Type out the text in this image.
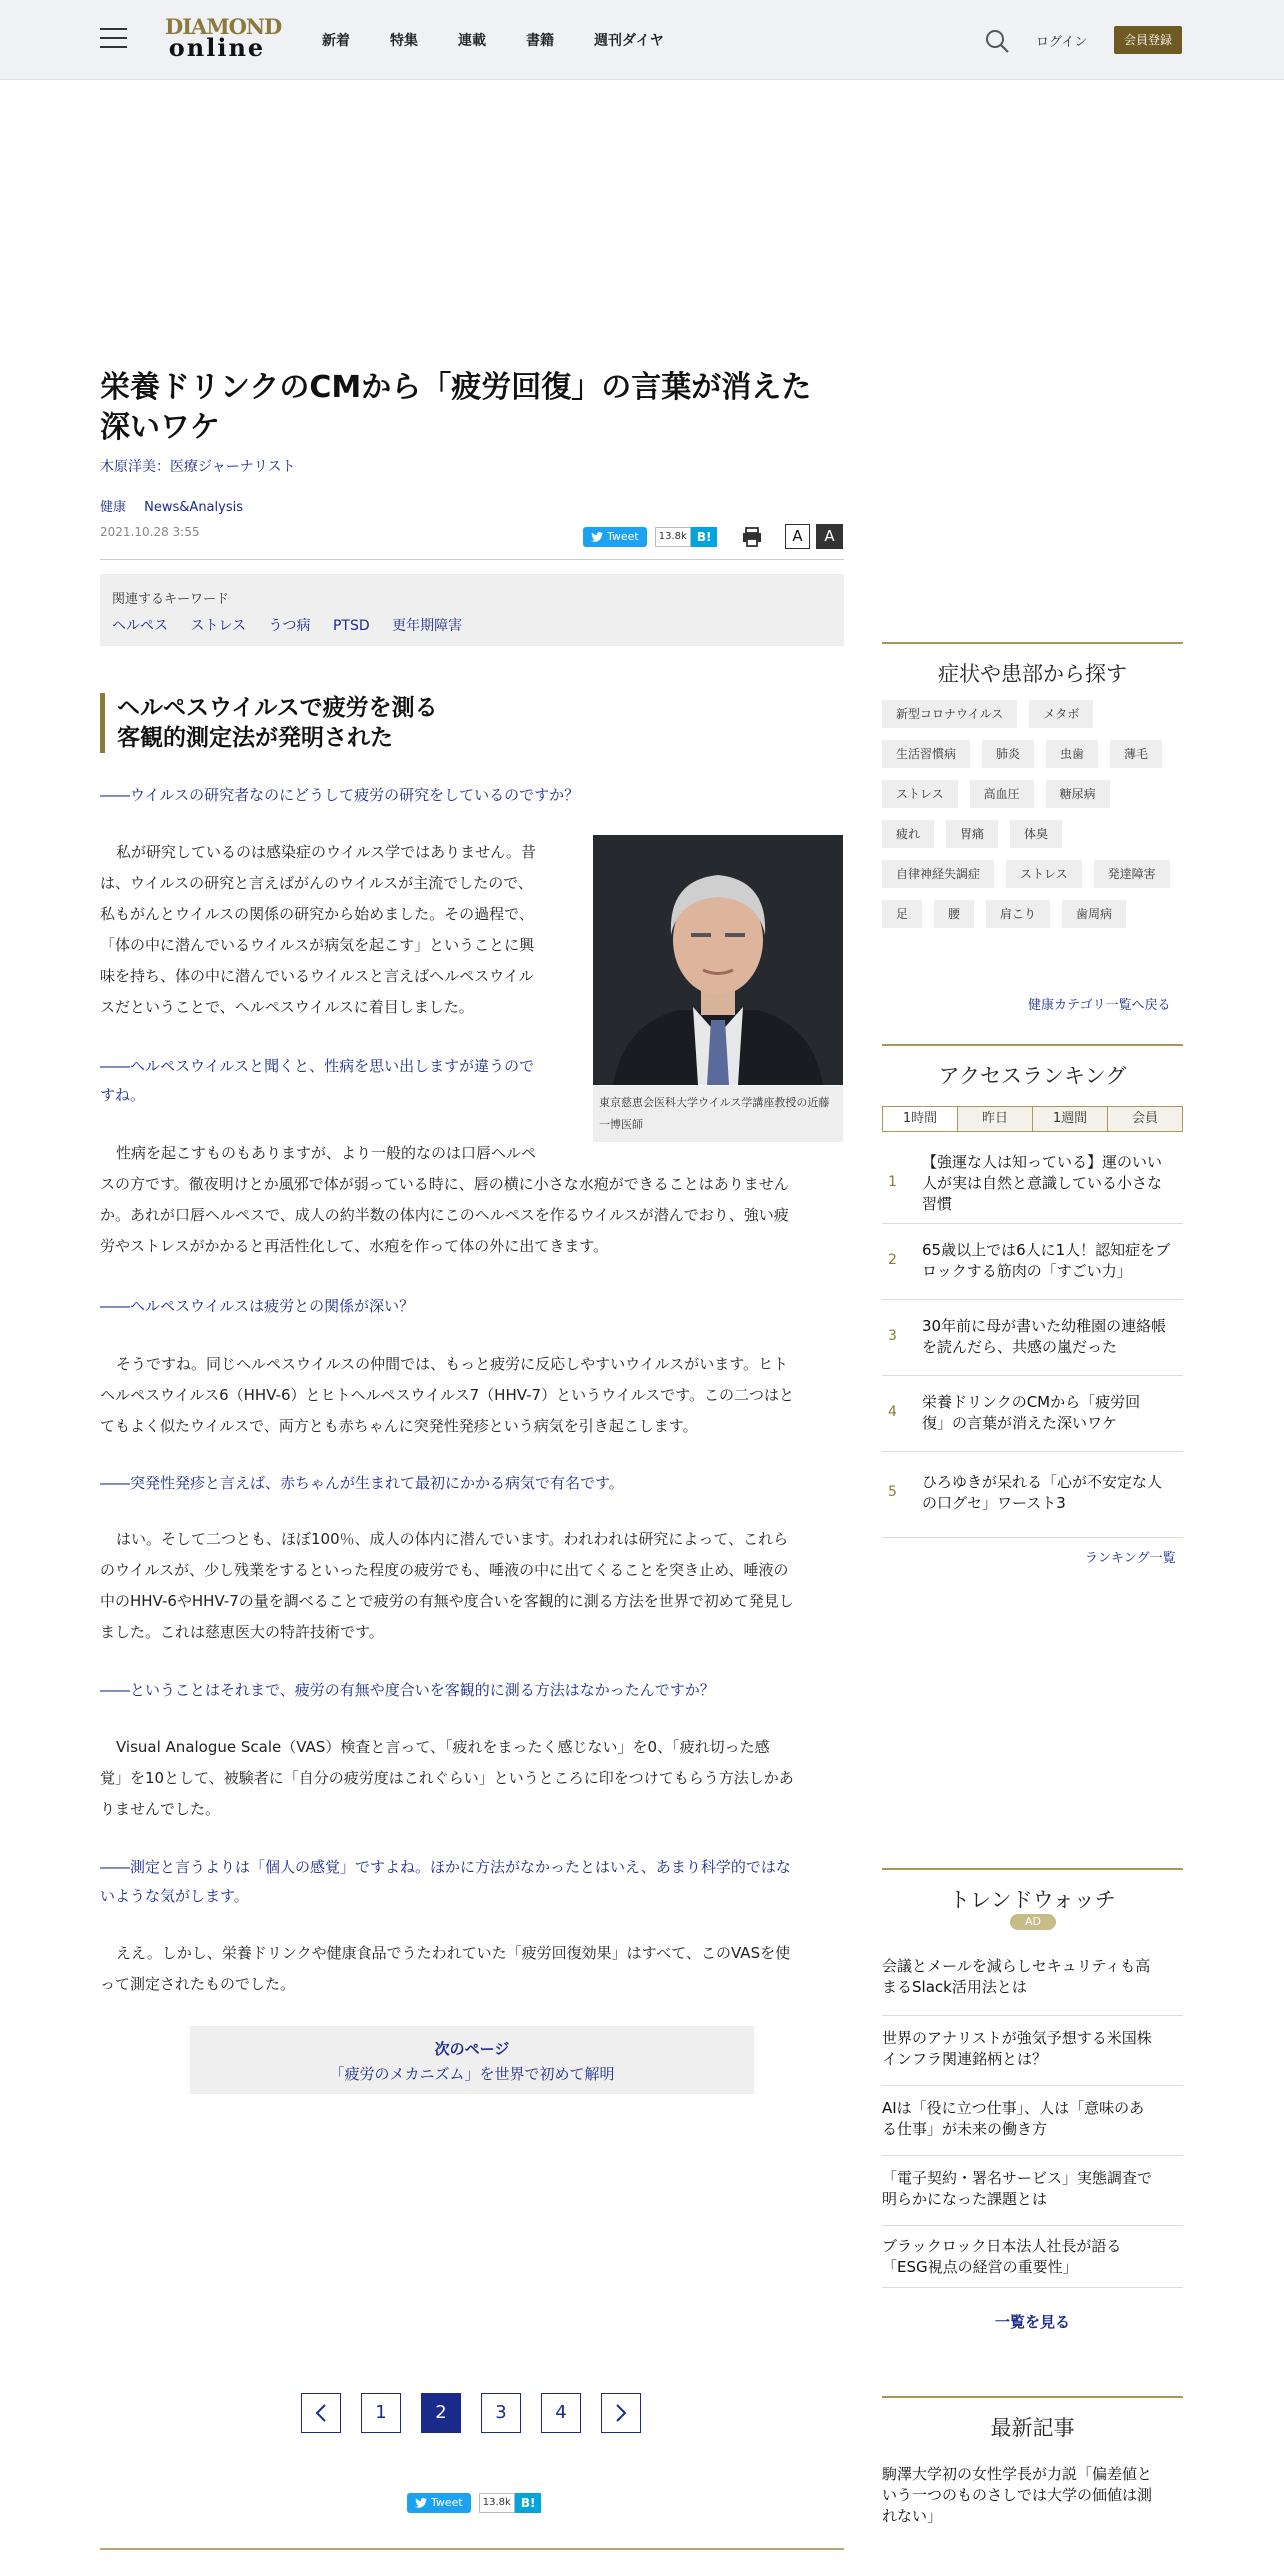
DIAMOND
online	新着	特集	連載	書籍	週刊ダイヤ	ログイン	会員登録
栄養ドリンクのCMから「疲労回復」の言葉が消えた
深いワケ
木原洋美：医療ジャーナリスト
健康 News&Analysis
2021.10.28 3:55	Tweet	13.8k B!	A	A
関連するキーワード
ヘルペス ストレス うつ病 PTSD 更年期障害
ヘルペスウイルスで疲労を測る
客観的測定法が発明された
――ウイルスの研究者なのにどうして疲労の研究をしているのですか？
私が研究しているのは感染症のウイルス学ではありません。昔
は、ウイルスの研究と言えばがんのウイルスが主流でしたので、
私もがんとウイルスの関係の研究から始めました。その過程で、
「体の中に潜んでいるウイルスが病気を起こす」ということに興
味を持ち、体の中に潜んでいるウイルスと言えばヘルペスウイル
スだということで、ヘルペスウイルスに着目しました。
東京慈恵会医科大学ウイルス学講座教授の近藤一博医師
――ヘルペスウイルスと聞くと、性病を思い出しますが違うので
すね。
性病を起こすものもありますが、より一般的なのは口唇ヘルペ
スの方です。徹夜明けとか風邪で体が弱っている時に、唇の横に小さな水疱ができることはありません
か。あれが口唇ヘルペスで、成人の約半数の体内にこのヘルペスを作るウイルスが潜んでおり、強い疲
労やストレスがかかると再活性化して、水疱を作って体の外に出てきます。
――ヘルペスウイルスは疲労との関係が深い？
そうですね。同じヘルペスウイルスの仲間では、もっと疲労に反応しやすいウイルスがいます。ヒト
ヘルペスウイルス6（HHV-6）とヒトヘルペスウイルス7（HHV-7）というウイルスです。この二つはと
てもよく似たウイルスで、両方とも赤ちゃんに突発性発疹という病気を引き起こします。
――突発性発疹と言えば、赤ちゃんが生まれて最初にかかる病気で有名です。
はい。そして二つとも、ほぼ100％、成人の体内に潜んでいます。われわれは研究によって、これら
のウイルスが、少し残業をするといった程度の疲労でも、唾液の中に出てくることを突き止め、唾液の
中のHHV-6やHHV-7の量を調べることで疲労の有無や度合いを客観的に測る方法を世界で初めて発見し
ました。これは慈恵医大の特許技術です。
――ということはそれまで、疲労の有無や度合いを客観的に測る方法はなかったんですか？
Visual Analogue Scale（VAS）検査と言って、「疲れをまったく感じない」を0、「疲れ切った感
覚」を10として、被験者に「自分の疲労度はこれぐらい」というところに印をつけてもらう方法しかあ
りませんでした。
――測定と言うよりは「個人の感覚」ですよね。ほかに方法がなかったとはいえ、あまり科学的ではな
いような気がします。
ええ。しかし、栄養ドリンクや健康食品でうたわれていた「疲労回復効果」はすべて、このVASを使
って測定されたものでした。
次のページ
「疲労のメカニズム」を世界で初めて解明
1	2	3	4
Tweet	13.8k B!
症状や患部から探す
新型コロナウイルス	メタボ
生活習慣病	肺炎	虫歯	薄毛
ストレス	高血圧	糖尿病
疲れ	胃痛	体臭
自律神経失調症	ストレス	発達障害
足	腰	肩こり	歯周病
健康カテゴリ一覧へ戻る
アクセスランキング
1時間	昨日	1週間	会員
1
【強運な人は知っている】運のいい
人が実は自然と意識している小さな
習慣
2
65歳以上では6人に1人！認知症をブ
ロックする筋肉の「すごい力」
3
30年前に母が書いた幼稚園の連絡帳
を読んだら、共感の嵐だった
4
栄養ドリンクのCMから「疲労回
復」の言葉が消えた深いワケ
5
ひろゆきが呆れる「心が不安定な人
の口グセ」ワースト3
ランキング一覧
トレンドウォッチ
AD
会議とメールを減らしセキュリティも高
まるSlack活用法とは
世界のアナリストが強気予想する米国株
インフラ関連銘柄とは？
AIは「役に立つ仕事」、人は「意味のあ
る仕事」が未来の働き方
「電子契約・署名サービス」実態調査で
明らかになった課題とは
ブラックロック日本法人社長が語る
「ESG視点の経営の重要性」
一覧を見る
最新記事
駒澤大学初の女性学長が力説「偏差値と
いう一つのものさしでは大学の価値は測
れない」
